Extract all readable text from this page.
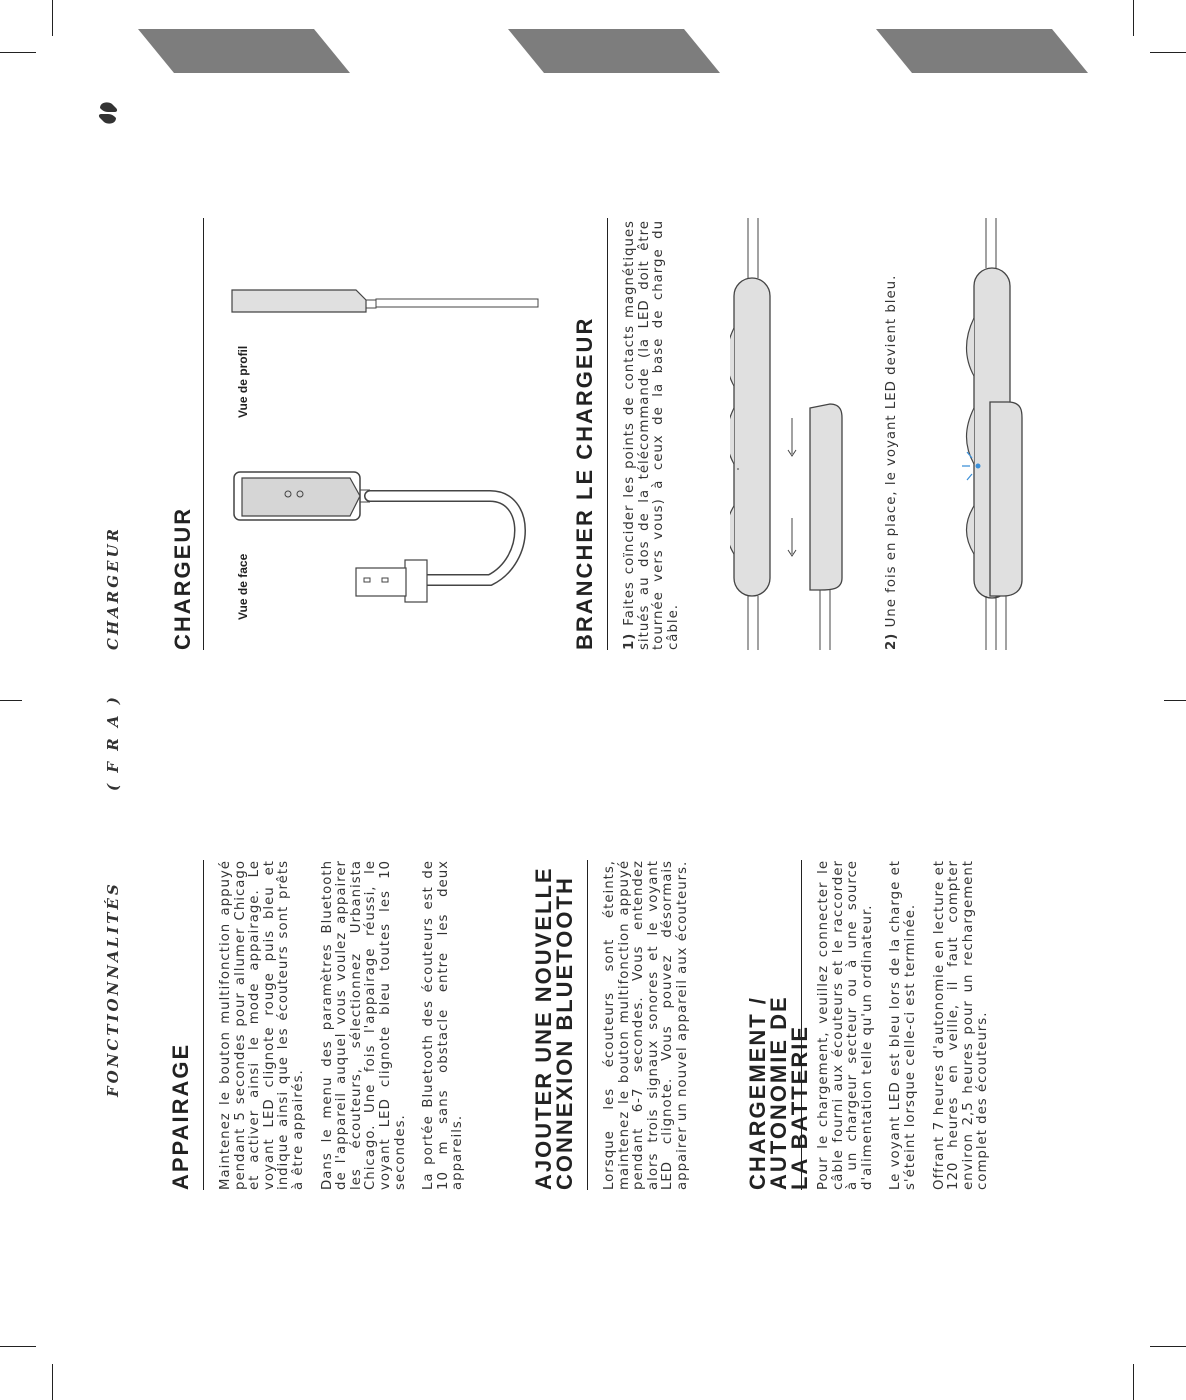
FONCTIONNALITÉS
( F R A )
CHARGEUR
APPAIRAGE Maintenez le bouton multifonction appuyé pendant 5 secondes pour allumer Chicago et activer ainsi le mode appairage. Le voyant LED clignote rouge puis bleu et indique ainsi que les écouteurs sont prêts à être appairés. Dans le menu des paramètres Bluetooth de l'appareil auquel vous voulez appairer les écouteurs, sélectionnez Urbanista Chicago. Une fois l'appairage réussi, le voyant LED clignote bleu toutes les 10 secondes. La portée Bluetooth des écouteurs est de 10 m sans obstacle entre les deux appareils.	AJOUTER UNE NOUVELLE
CONNEXION BLUETOOTH Lorsque les écouteurs sont éteints, maintenez le bouton multifonction appuyé pendant 6-7 secondes. Vous entendez alors trois signaux sonores et le voyant LED clignote. Vous pouvez désormais appairer un nouvel appareil aux écouteurs.	CHARGEMENT / AUTONOMIE DE
LA BATTERIE Pour le chargement, veuillez connecter le câble fourni aux écouteurs et le raccorder à un chargeur secteur ou à une source d'alimentation telle qu'un ordinateur. Le voyant LED est bleu lors de la charge et s'éteint lorsque celle-ci est terminée. Offrant 7 heures d'autonomie en lecture et 120 heures en veille, il faut compter environ 2,5 heures pour un rechargement complet des écouteurs.

CHARGEUR	Vue de face
Vue de profil	BRANCHER LE CHARGEUR 1) Faites coïncider les points de contacts magnétiques situés au dos de la télécommande (la LED doit être tournée vers vous) à ceux de la base de charge du câble.	2) Une fois en place, le voyant LED devient bleu.
